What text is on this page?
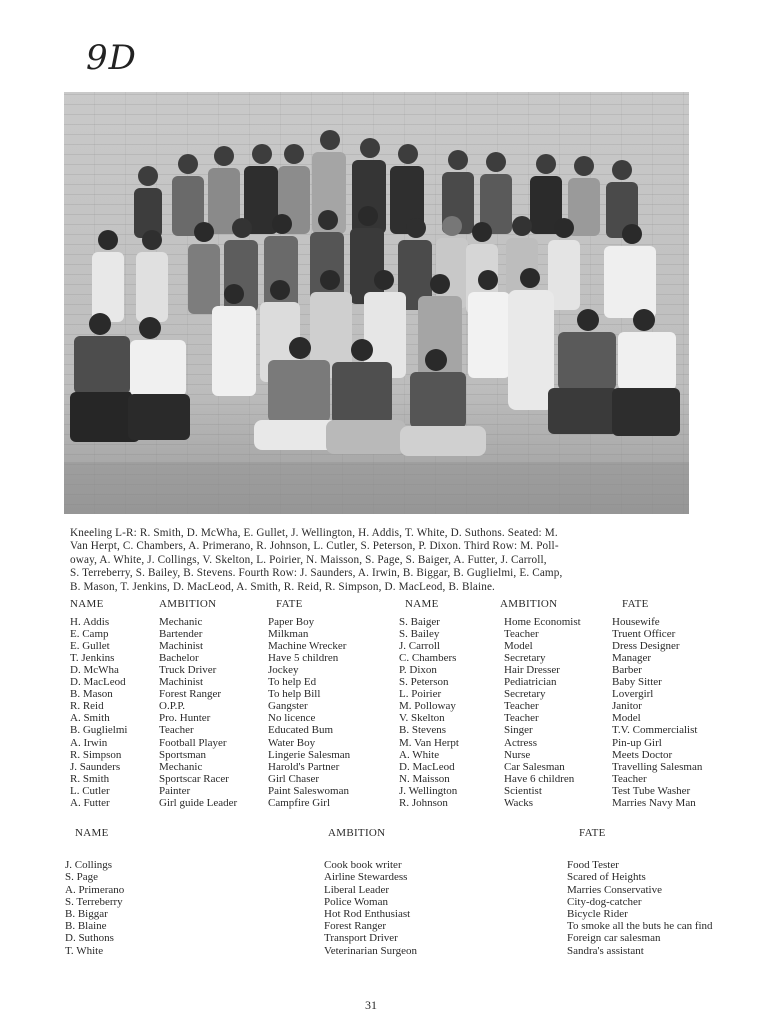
9D
Kneeling L-R: R. Smith, D. McWha, E. Gullet, J. Wellington, H. Addis, T. White, D. Suthons. Seated: M.
Van Herpt, C. Chambers, A. Primerano, R. Johnson, L. Cutler, S. Peterson, P. Dixon. Third Row: M. Poll-
oway, A. White, J. Collings, V. Skelton, L. Poirier, N. Maisson, S. Page, S. Baiger, A. Futter, J. Carroll,
S. Terreberry, S. Bailey, B. Stevens. Fourth Row: J. Saunders, A. Irwin, B. Biggar, B. Guglielmi, E. Camp,
B. Mason, T. Jenkins, D. MacLeod, A. Smith, R. Reid, R. Simpson, D. MacLeod, B. Blaine.
NAME
H. Addis
E. Camp
E. Gullet
T. Jenkins
D. McWha
D. MacLeod
B. Mason
R. Reid
A. Smith
B. Guglielmi
A. Irwin
R. Simpson
J. Saunders
R. Smith
L. Cutler
A. Futter
AMBITION
Mechanic
Bartender
Machinist
Bachelor
Truck Driver
Machinist
Forest Ranger
O.P.P.
Pro. Hunter
Teacher
Football Player
Sportsman
Mechanic
Sportscar Racer
Painter
Girl guide Leader
FATE
Paper Boy
Milkman
Machine Wrecker
Have 5 children
Jockey
To help Ed
To help Bill
Gangster
No licence
Educated Bum
Water Boy
Lingerie Salesman
Harold's Partner
Girl Chaser
Paint Saleswoman
Campfire Girl
NAME
S. Baiger
S. Bailey
J. Carroll
C. Chambers
P. Dixon
S. Peterson
L. Poirier
M. Polloway
V. Skelton
B. Stevens
M. Van Herpt
A. White
D. MacLeod
N. Maisson
J. Wellington
R. Johnson
AMBITION
Home Economist
Teacher
Model
Secretary
Hair Dresser
Pediatrician
Secretary
Teacher
Teacher
Singer
Actress
Nurse
Car Salesman
Have 6 children
Scientist
Wacks
FATE
Housewife
Truent Officer
Dress Designer
Manager
Barber
Baby Sitter
Lovergirl
Janitor
Model
T.V. Commercialist
Pin-up Girl
Meets Doctor
Travelling Salesman
Teacher
Test Tube Washer
Marries Navy Man
NAME
J. Collings
S. Page
A. Primerano
S. Terreberry
B. Biggar
B. Blaine
D. Suthons
T. White
AMBITION
Cook book writer
Airline Stewardess
Liberal Leader
Police Woman
Hot Rod Enthusiast
Forest Ranger
Transport Driver
Veterinarian Surgeon
FATE
Food Tester
Scared of Heights
Marries Conservative
City-dog-catcher
Bicycle Rider
To smoke all the buts he can find
Foreign car salesman
Sandra's assistant
31
